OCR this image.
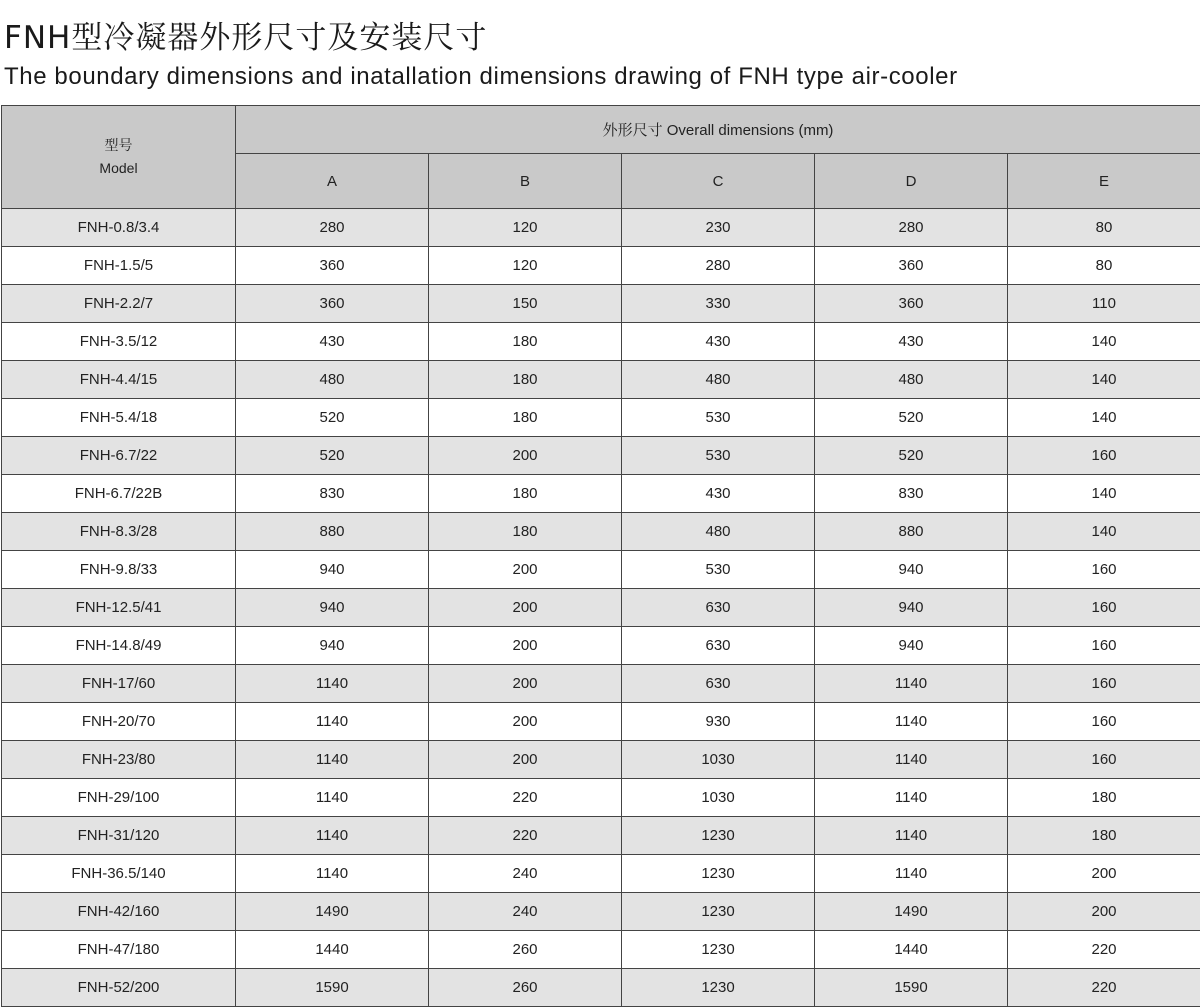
FNH型冷凝器外形尺寸及安装尺寸
The boundary dimensions and inatallation dimensions drawing of FNH type air-cooler
型号
Model	外形尺寸 Overall dimensions (mm)				
	A	B	C	D	E
FNH-0.8/3.4	280	120	230	280	80
FNH-1.5/5	360	120	280	360	80
FNH-2.2/7	360	150	330	360	110
FNH-3.5/12	430	180	430	430	140
FNH-4.4/15	480	180	480	480	140
FNH-5.4/18	520	180	530	520	140
FNH-6.7/22	520	200	530	520	160
FNH-6.7/22B	830	180	430	830	140
FNH-8.3/28	880	180	480	880	140
FNH-9.8/33	940	200	530	940	160
FNH-12.5/41	940	200	630	940	160
FNH-14.8/49	940	200	630	940	160
FNH-17/60	1140	200	630	1140	160
FNH-20/70	1140	200	930	1140	160
FNH-23/80	1140	200	1030	1140	160
FNH-29/100	1140	220	1030	1140	180
FNH-31/120	1140	220	1230	1140	180
FNH-36.5/140	1140	240	1230	1140	200
FNH-42/160	1490	240	1230	1490	200
FNH-47/180	1440	260	1230	1440	220
FNH-52/200	1590	260	1230	1590	220
